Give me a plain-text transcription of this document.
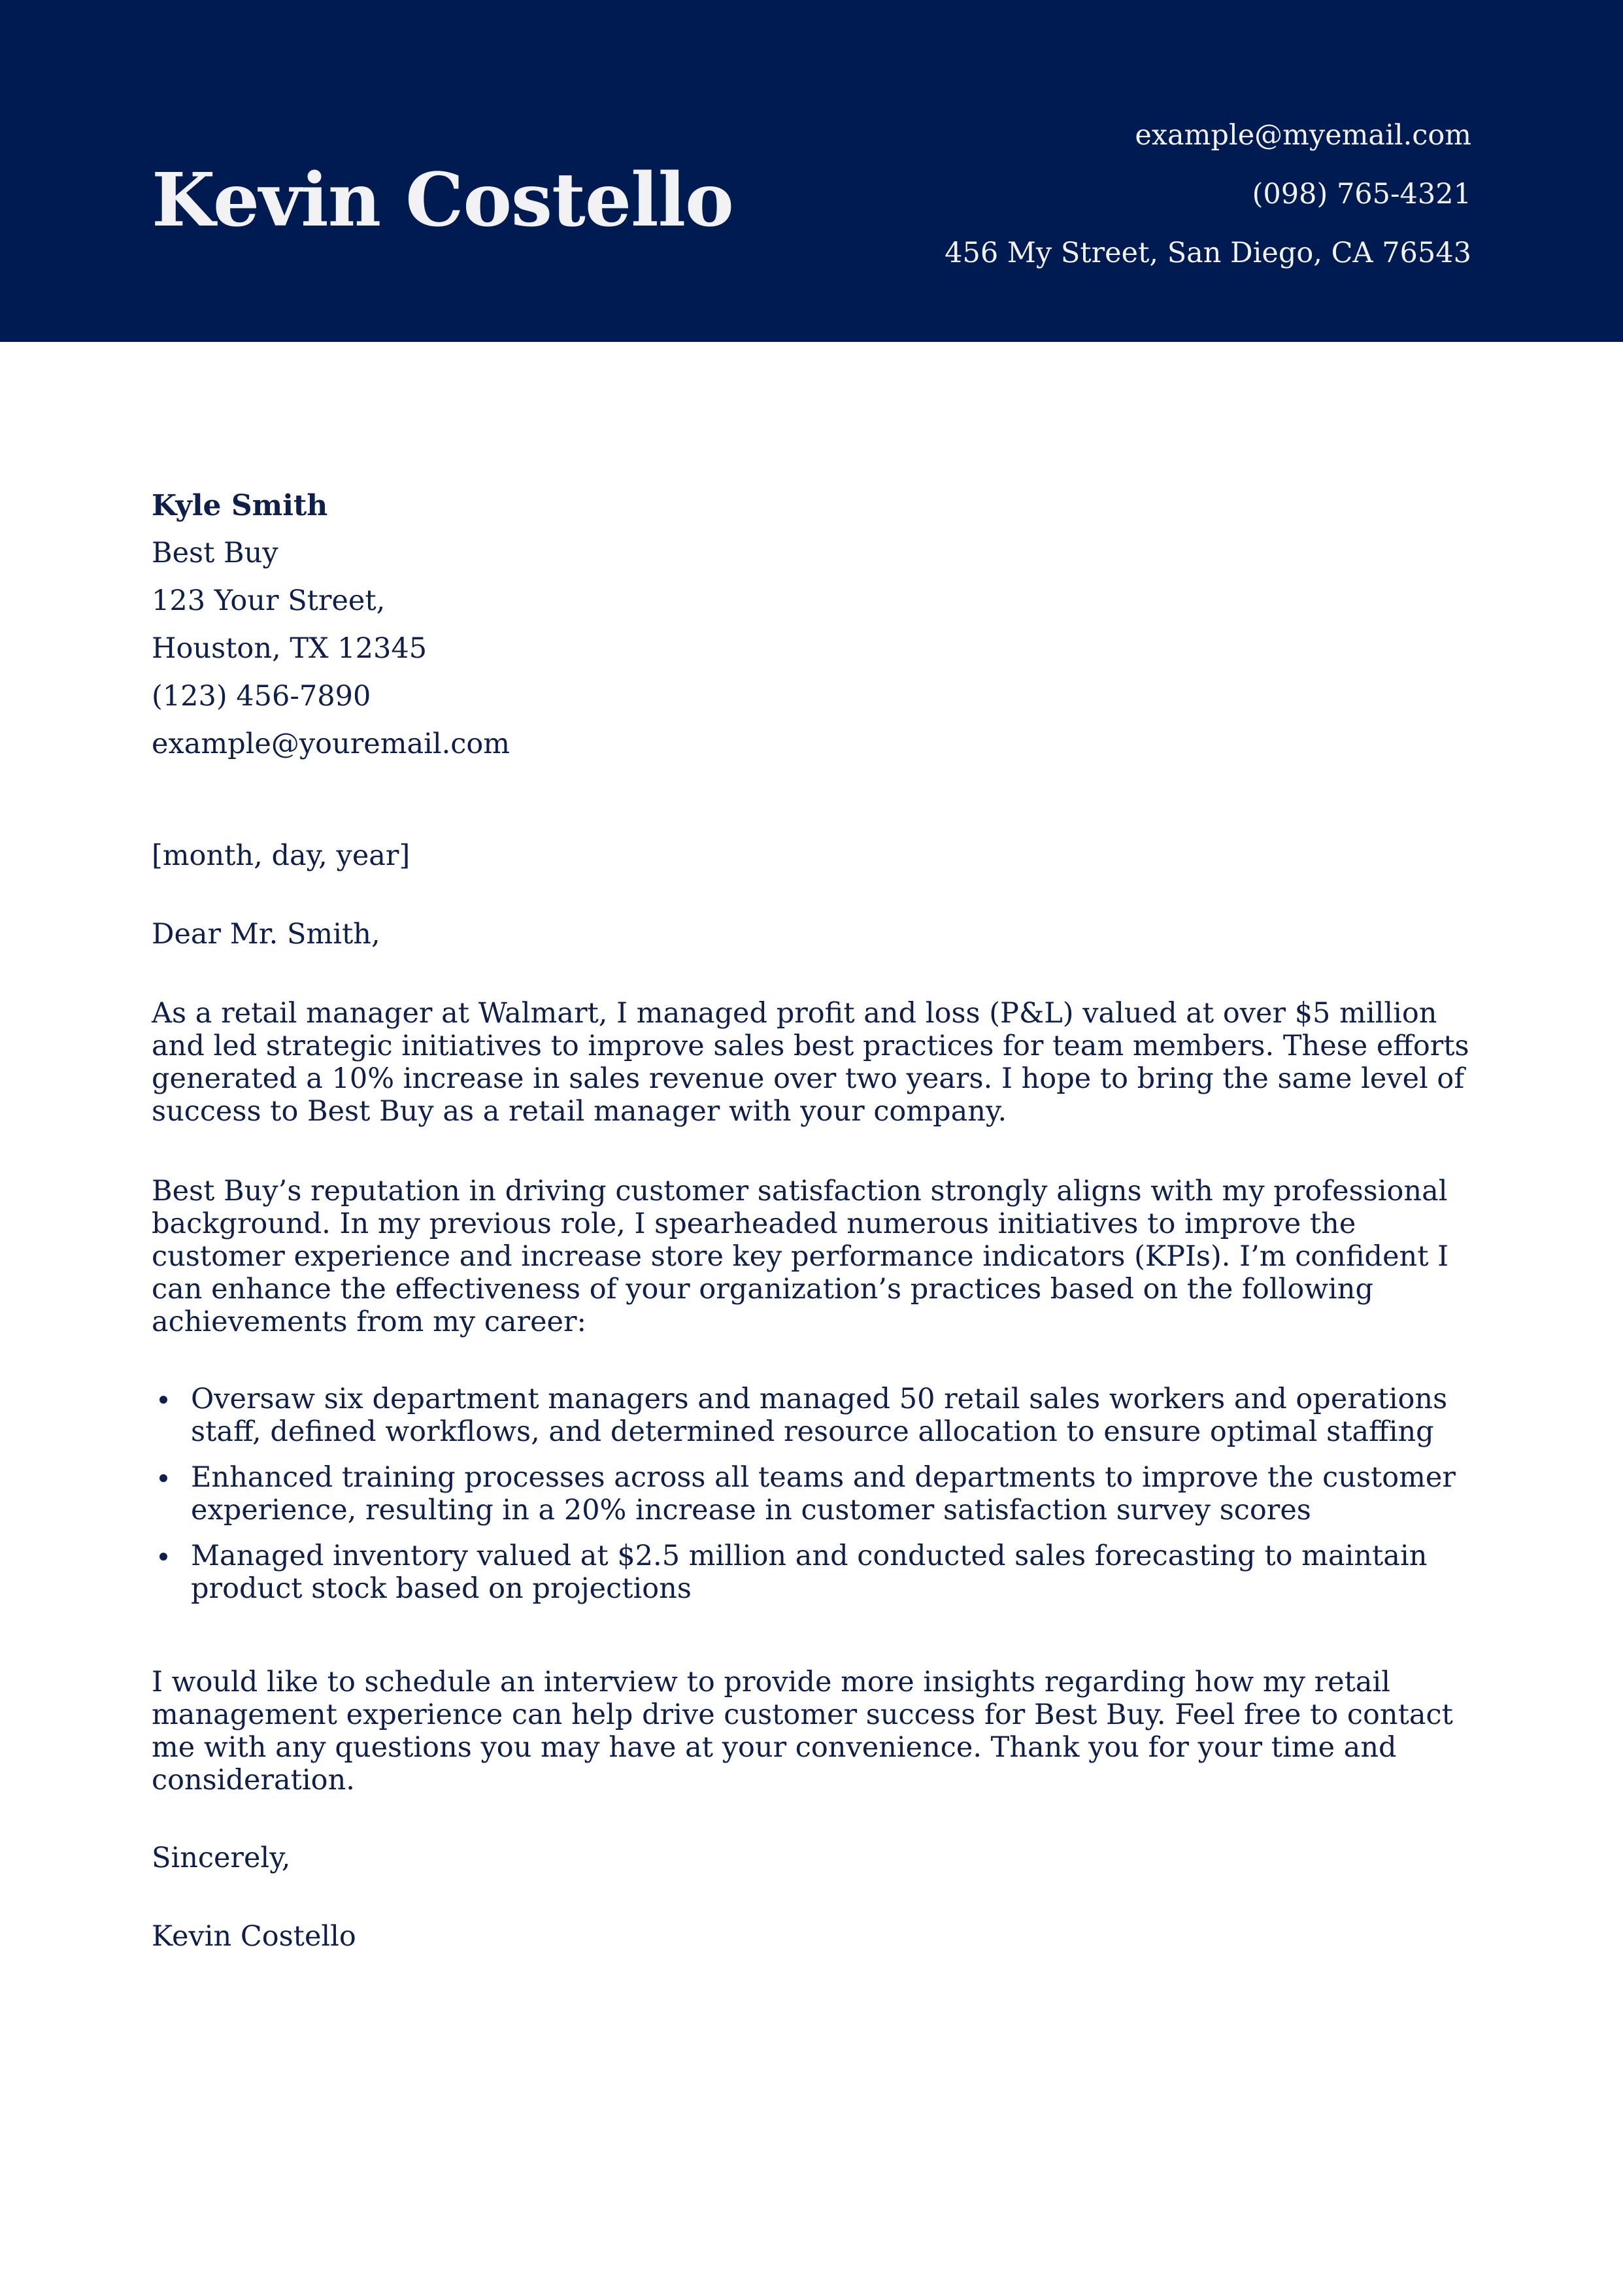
Kevin Costello
example@myemail.com
(098) 765-4321
456 My Street, San Diego, CA 76543
Kyle Smith
Best Buy
123 Your Street,
Houston, TX 12345
(123) 456-7890
example@youremail.com
[month, day, year]
Dear Mr. Smith,

As a retail manager at Walmart, I managed profit and loss (P&L) valued at over $5 million and led strategic initiatives to improve sales best practices for team members. These efforts generated a 10% increase in sales revenue over two years. I hope to bring the same level of success to Best Buy as a retail manager with your company.

Best Buy’s reputation in driving customer satisfaction strongly aligns with my professional background. In my previous role, I spearheaded numerous initiatives to improve the customer experience and increase store key performance indicators (KPIs). I’m confident I can enhance the effectiveness of your organization’s practices based on the following achievements from my career:

Oversaw six department managers and managed 50 retail sales workers and operations staff, defined workflows, and determined resource allocation to ensure optimal staffing
Enhanced training processes across all teams and departments to improve the customer experience, resulting in a 20% increase in customer satisfaction survey scores
Managed inventory valued at $2.5 million and conducted sales forecasting to maintain product stock based on projections

I would like to schedule an interview to provide more insights regarding how my retail management experience can help drive customer success for Best Buy. Feel free to contact me with any questions you may have at your convenience. Thank you for your time and consideration.

Sincerely,
Kevin Costello
